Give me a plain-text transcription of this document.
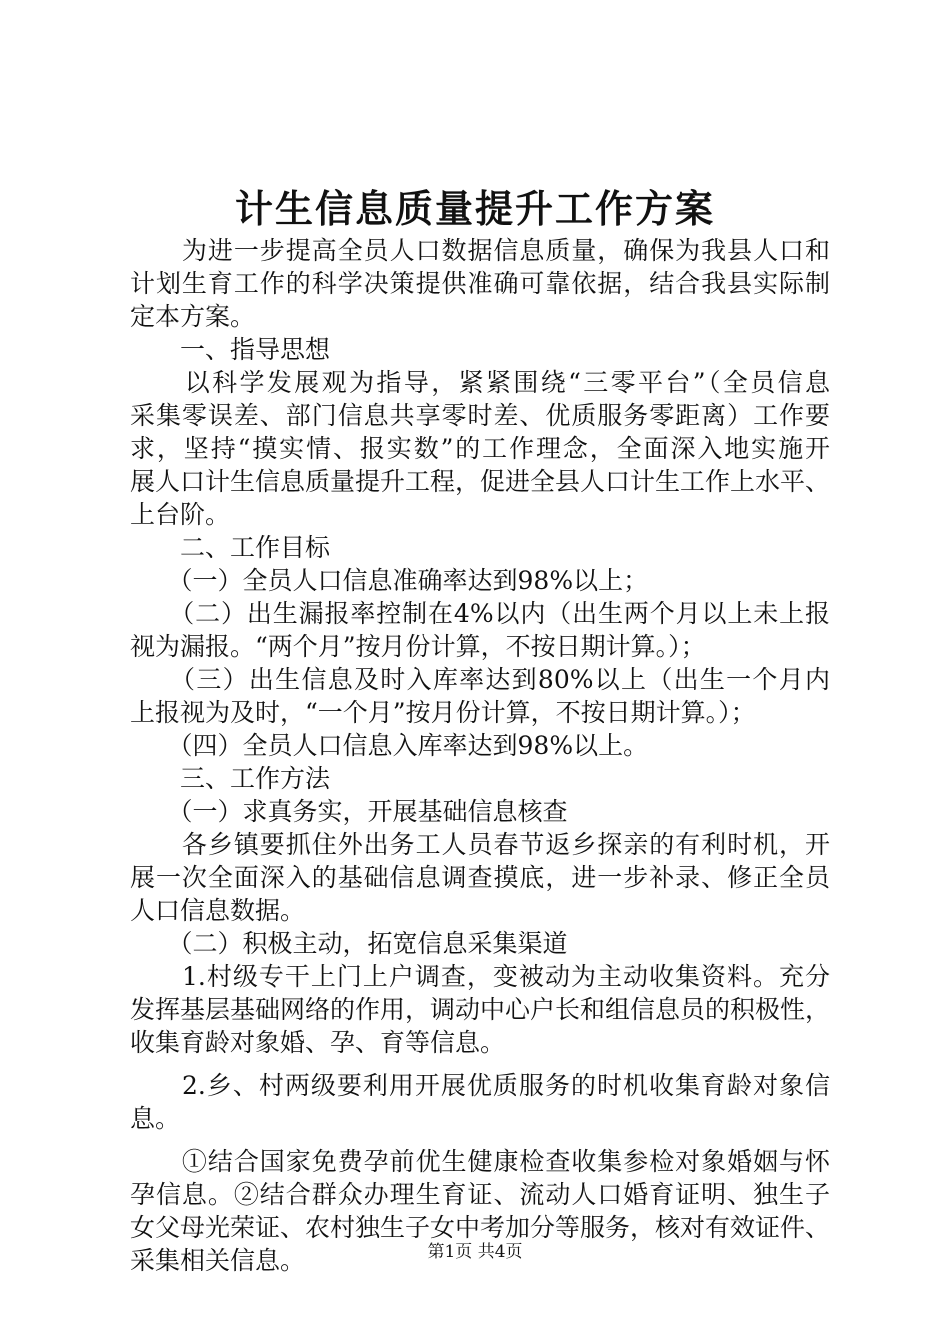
计生信息质量提升工作方案
　　为进一步提高全员人口数据信息质量，确保为我县人口和
计划生育工作的科学决策提供准确可靠依据，结合我县实际制
定本方案。
　　一、指导思想
　　以科学发展观为指导，紧紧围绕“三零平台”（全员信息
采集零误差、部门信息共享零时差、优质服务零距离）工作要
求，坚持“摸实情、报实数”的工作理念，全面深入地实施开
展人口计生信息质量提升工程，促进全县人口计生工作上水平、
上台阶。
　　二、工作目标
　　（一）全员人口信息准确率达到98%以上；
　　（二）出生漏报率控制在4%以内（出生两个月以上未上报
视为漏报。“两个月”按月份计算，不按日期计算。）；
　　（三）出生信息及时入库率达到80%以上（出生一个月内
上报视为及时，“一个月”按月份计算，不按日期计算。）；
　　（四）全员人口信息入库率达到98%以上。
　　三、工作方法
　　（一）求真务实，开展基础信息核查
　　各乡镇要抓住外出务工人员春节返乡探亲的有利时机，开
展一次全面深入的基础信息调查摸底，进一步补录、修正全员
人口信息数据。
　　（二）积极主动，拓宽信息采集渠道
　　1.村级专干上门上户调查，变被动为主动收集资料。充分
发挥基层基础网络的作用，调动中心户长和组信息员的积极性，
收集育龄对象婚、孕、育等信息。
　　2.乡、村两级要利用开展优质服务的时机收集育龄对象信
息。
　　①结合国家免费孕前优生健康检查收集参检对象婚姻与怀
孕信息。②结合群众办理生育证、流动人口婚育证明、独生子
女父母光荣证、农村独生子女中考加分等服务，核对有效证件、
采集相关信息。	第1页 共4页
